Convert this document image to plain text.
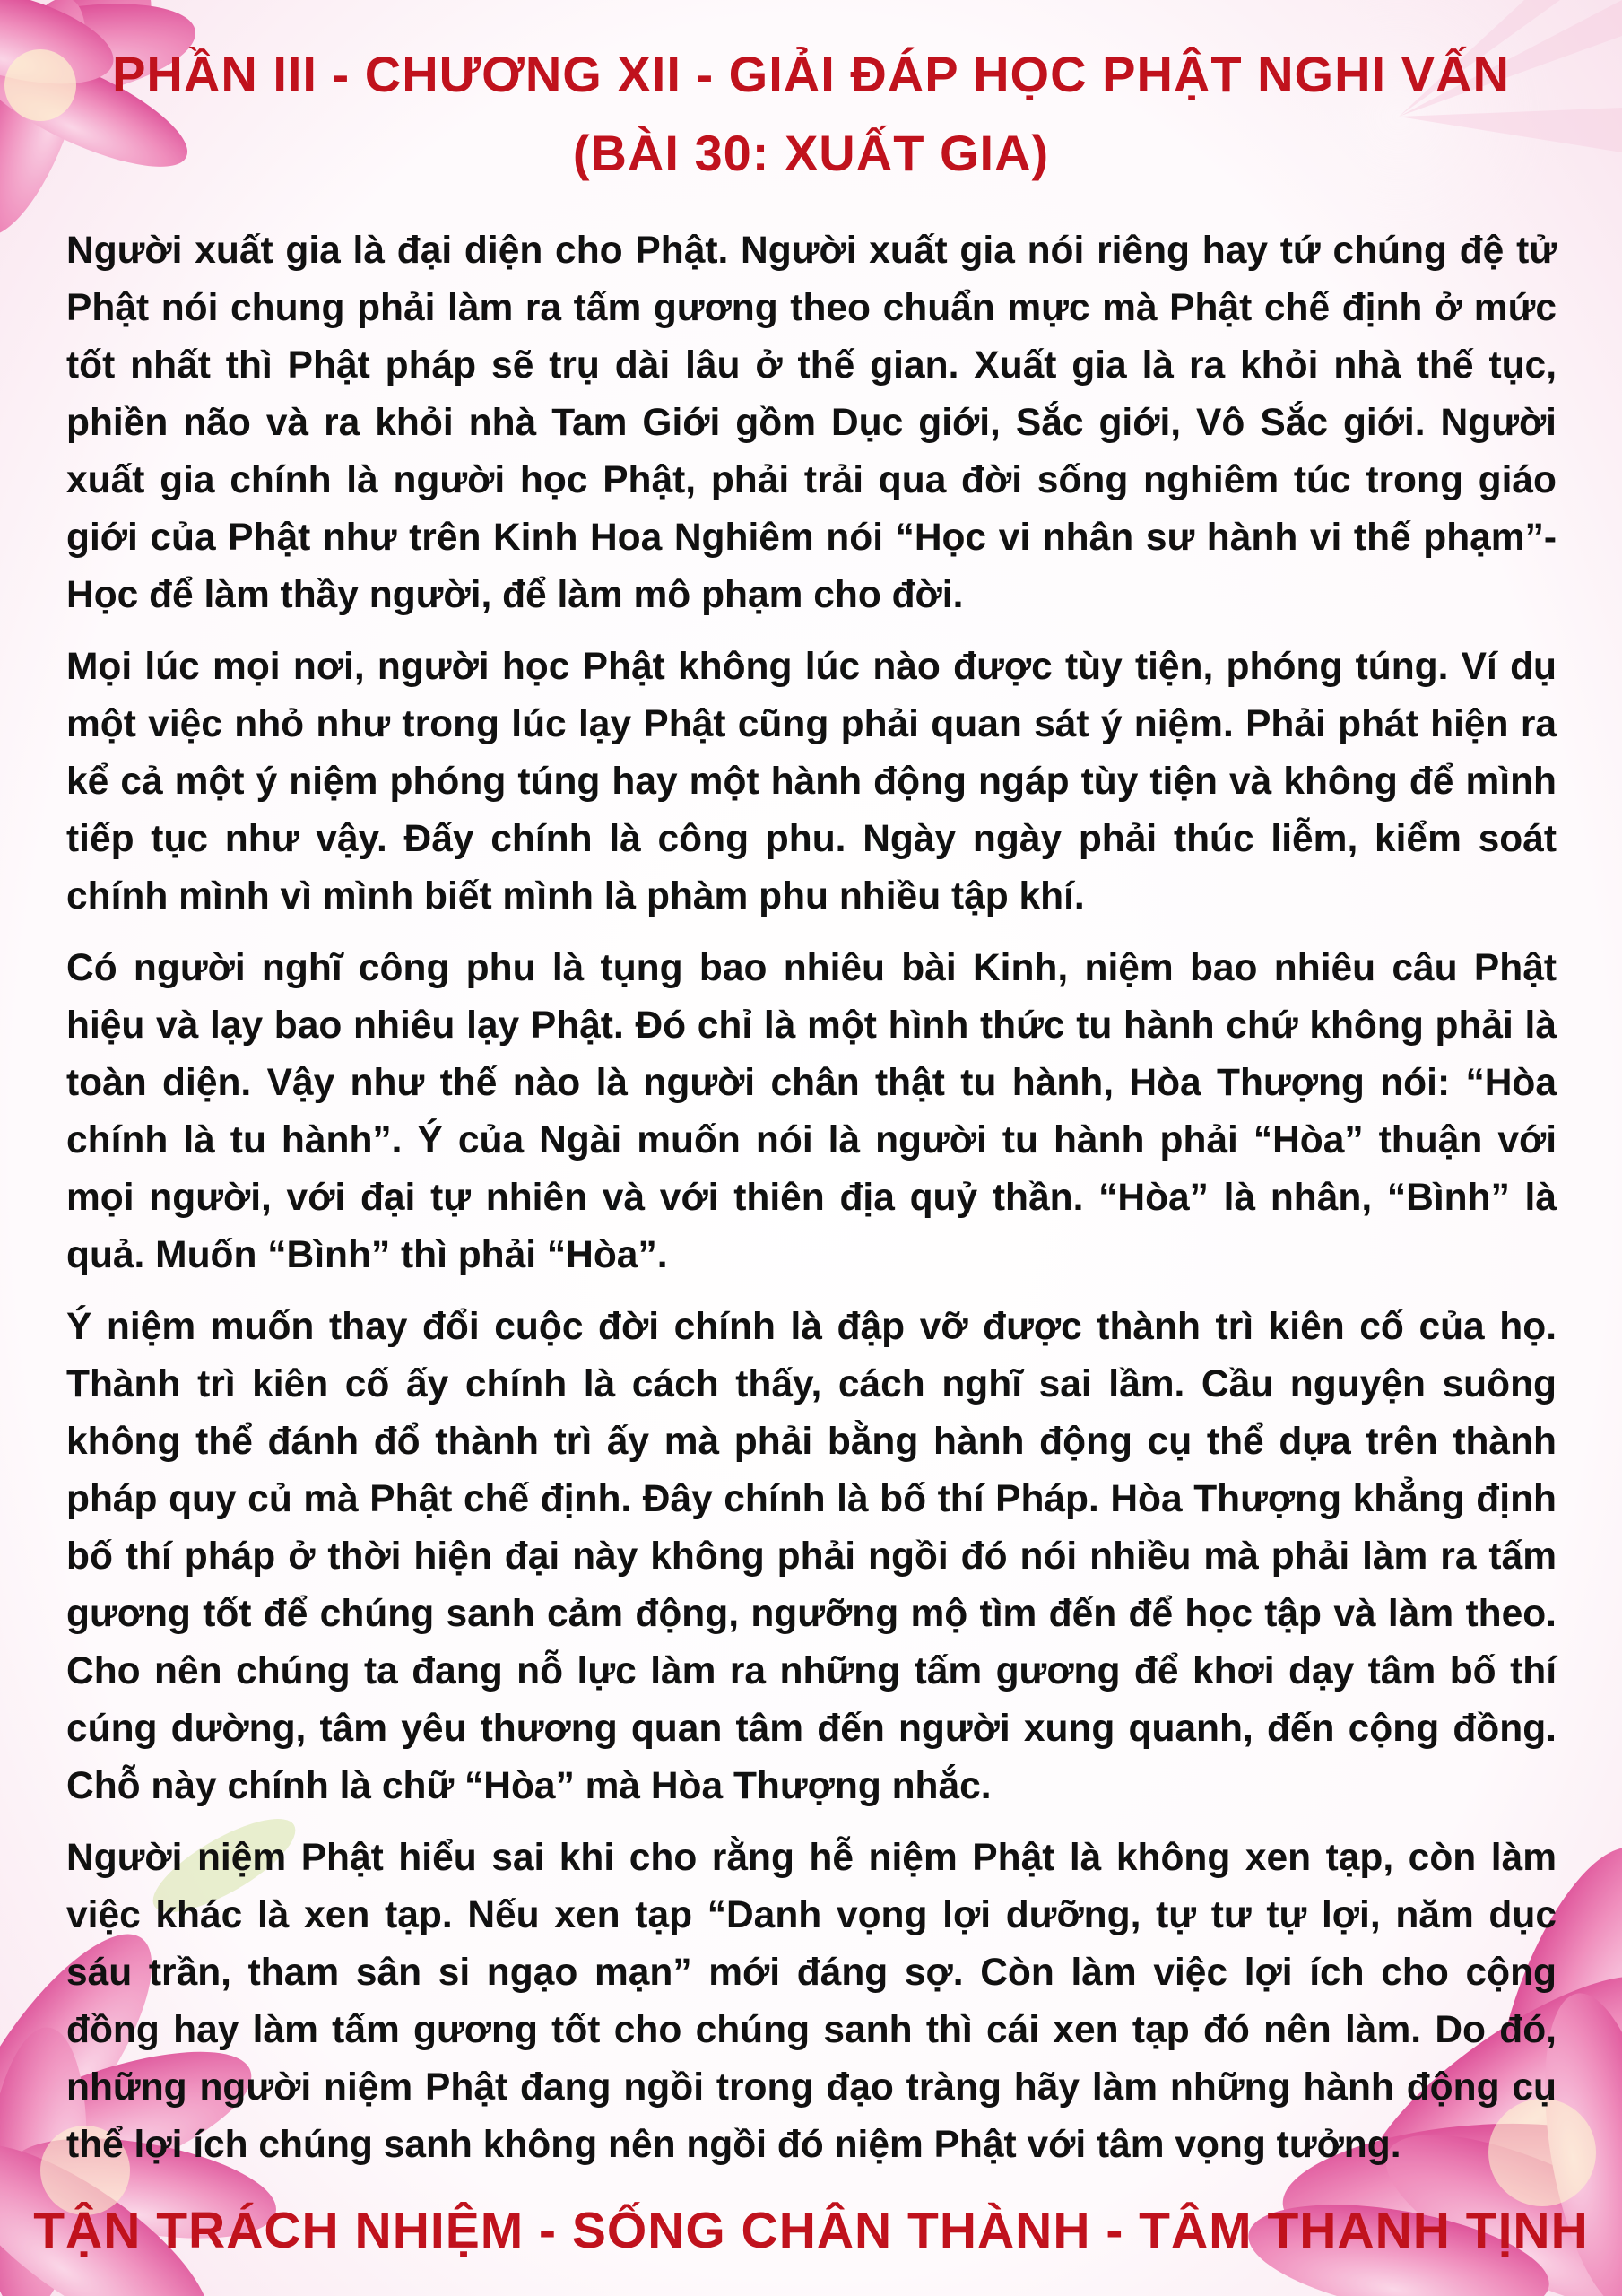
PHẦN III - CHƯƠNG XII - GIẢI ĐÁP HỌC PHẬT NGHI VẤN
(BÀI 30: XUẤT GIA)

Người xuất gia là đại diện cho Phật. Người xuất gia nói riêng hay tứ chúng đệ tử Phật nói chung phải làm ra tấm gương theo chuẩn mực mà Phật chế định ở mức tốt nhất thì Phật pháp sẽ trụ dài lâu ở thế gian. Xuất gia là ra khỏi nhà thế tục, phiền não và ra khỏi nhà Tam Giới gồm Dục giới, Sắc giới, Vô Sắc giới. Người xuất gia chính là người học Phật, phải trải qua đời sống nghiêm túc trong giáo giới của Phật như trên Kinh Hoa Nghiêm nói “Học vi nhân sư hành vi thế phạm”- Học để làm thầy người, để làm mô phạm cho đời.

Mọi lúc mọi nơi, người học Phật không lúc nào được tùy tiện, phóng túng. Ví dụ một việc nhỏ như trong lúc lạy Phật cũng phải quan sát ý niệm. Phải phát hiện ra kể cả một ý niệm phóng túng hay một hành động ngáp tùy tiện và không để mình tiếp tục như vậy. Đấy chính là công phu. Ngày ngày phải thúc liễm, kiểm soát chính mình vì mình biết mình là phàm phu nhiều tập khí.

Có người nghĩ công phu là tụng bao nhiêu bài Kinh, niệm bao nhiêu câu Phật hiệu và lạy bao nhiêu lạy Phật. Đó chỉ là một hình thức tu hành chứ không phải là toàn diện. Vậy như thế nào là người chân thật tu hành, Hòa Thượng nói: “Hòa chính là tu hành”. Ý của Ngài muốn nói là người tu hành phải “Hòa” thuận với mọi người, với đại tự nhiên và với thiên địa quỷ thần. “Hòa” là nhân, “Bình” là quả. Muốn “Bình” thì phải “Hòa”.

Ý niệm muốn thay đổi cuộc đời chính là đập vỡ được thành trì kiên cố của họ. Thành trì kiên cố ấy chính là cách thấy, cách nghĩ sai lầm. Cầu nguyện suông không thể đánh đổ thành trì ấy mà phải bằng hành động cụ thể dựa trên thành pháp quy củ mà Phật chế định. Đây chính là bố thí Pháp. Hòa Thượng khẳng định bố thí pháp ở thời hiện đại này không phải ngồi đó nói nhiều mà phải làm ra tấm gương tốt để chúng sanh cảm động, ngưỡng mộ tìm đến để học tập và làm theo. Cho nên chúng ta đang nỗ lực làm ra những tấm gương để khơi dạy tâm bố thí cúng dường, tâm yêu thương quan tâm đến người xung quanh, đến cộng đồng. Chỗ này chính là chữ “Hòa” mà Hòa Thượng nhắc.

Người niệm Phật hiểu sai khi cho rằng hễ niệm Phật là không xen tạp, còn làm việc khác là xen tạp. Nếu xen tạp “Danh vọng lợi dưỡng, tự tư tự lợi, năm dục sáu trần, tham sân si ngạo mạn” mới đáng sợ. Còn làm việc lợi ích cho cộng đồng hay làm tấm gương tốt cho chúng sanh thì cái xen tạp đó nên làm. Do đó, những người niệm Phật đang ngồi trong đạo tràng hãy làm những hành động cụ thể lợi ích chúng sanh không nên ngồi đó niệm Phật với tâm vọng tưởng.

TẬN TRÁCH NHIỆM - SỐNG CHÂN THÀNH - TÂM THANH TỊNH
